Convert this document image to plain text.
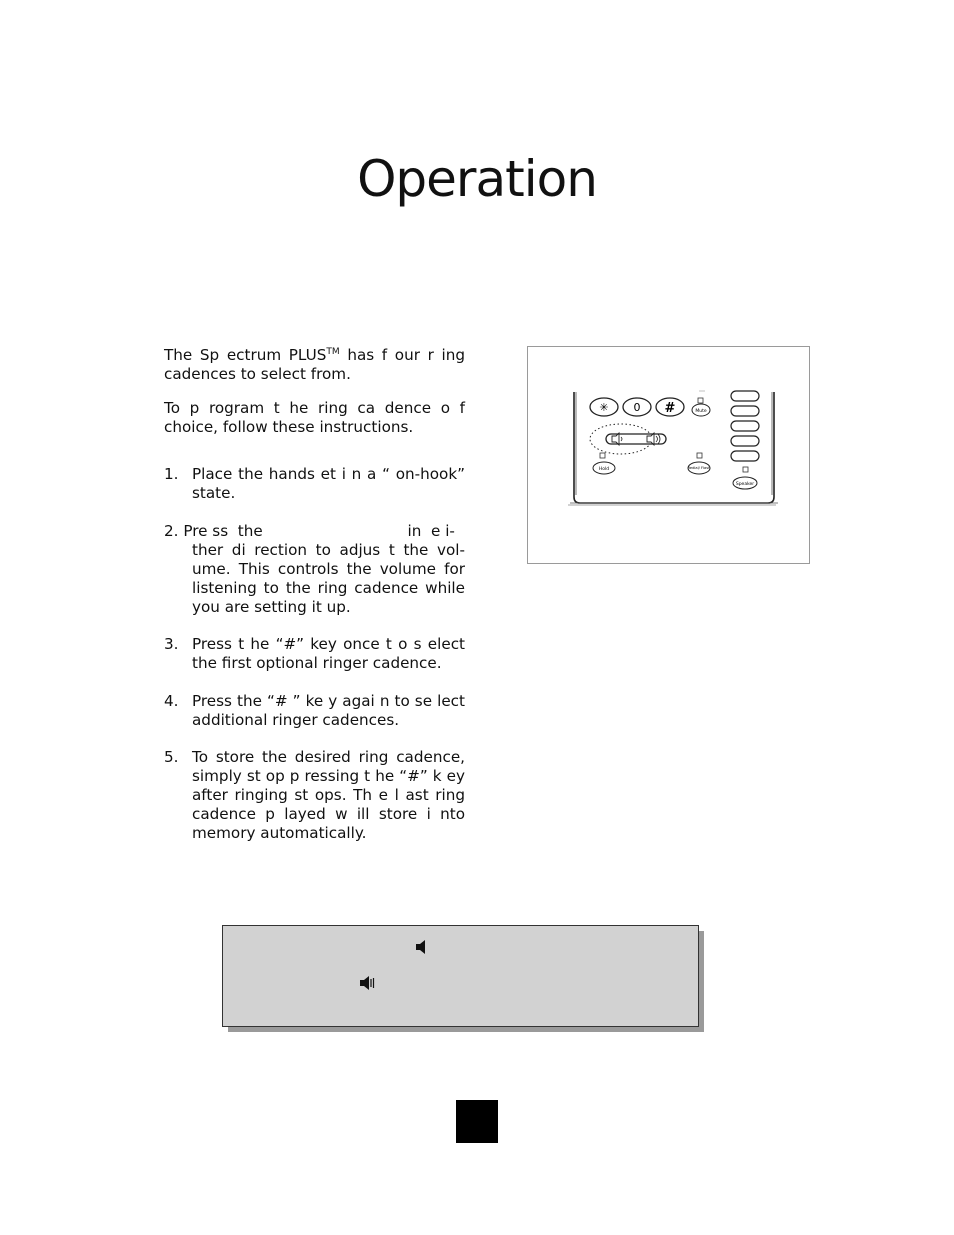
Operation

The Sp ectrum PLUS™ has f our r ing cadences to select from.

To p rogram t he ring ca dence o f choice, follow these instructions.

1. Place the hands et i n a “ on-hook” state.
2. Pre ss  the                              in  e i-
ther di rection to adjus t the vol- ume. This controls the volume for listening to the ring cadence while you are setting it up.
3. Press t he “#” key once t o s elect the first optional ringer cadence.
4. Press the “# ” ke y agai n to se lect additional ringer cadences.
5. To store the desired ring cadence, simply st op p ressing t he “#” k ey after ringing st ops. Th e l ast ring cadence p layed w ill store i nto memory automatically.
✳ 0 #	Mute
Hold	Redial/ Flash
Speaker
